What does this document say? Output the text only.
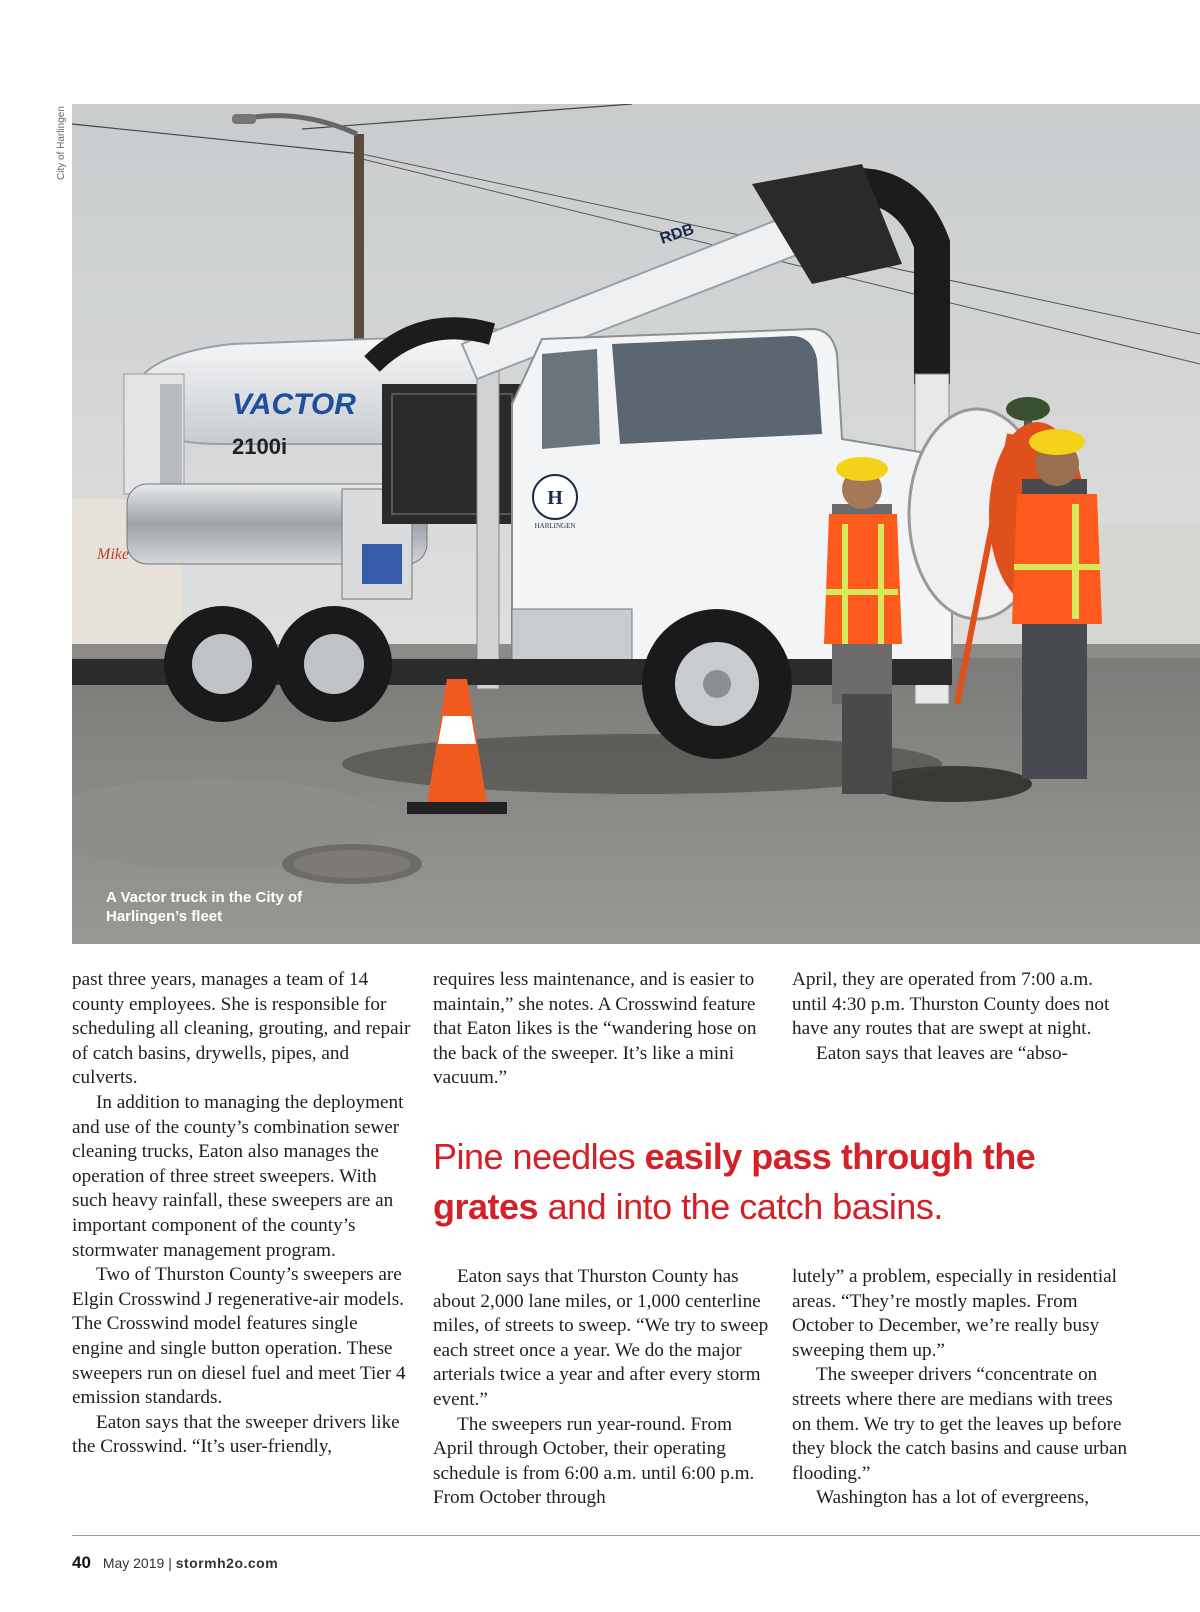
City of Harlingen
Mike
VACTOR
2100i
RDB
H
HARLINGEN
A Vactor truck in the City of Harlingen’s fleet

past three years, manages a team of 14 county employees. She is responsible for scheduling all cleaning, grouting, and repair of catch basins, drywells, pipes, and culverts.

In addition to managing the deployment and use of the county’s combination sewer cleaning trucks, Eaton also manages the operation of three street sweepers. With such heavy rainfall, these sweepers are an important component of the county’s stormwater management program.

Two of Thurston County’s sweepers are Elgin Crosswind J regenerative-air models. The Crosswind model features single engine and single button operation. These sweepers run on diesel fuel and meet Tier 4 emission standards.

Eaton says that the sweeper drivers like the Crosswind. “It’s user-friendly,

requires less maintenance, and is easier to maintain,” she notes. A Crosswind feature that Eaton likes is the “wandering hose on the back of the sweeper. It’s like a mini vacuum.”

April, they are operated from 7:00 a.m. until 4:30 p.m. Thurston County does not have any routes that are swept at night.

Eaton says that leaves are “abso-

Pine needles easily pass through the grates and into the catch basins.

Eaton says that Thurston County has about 2,000 lane miles, or 1,000 centerline miles, of streets to sweep. “We try to sweep each street once a year. We do the major arterials twice a year and after every storm event.”

The sweepers run year-round. From April through October, their operating schedule is from 6:00 a.m. until 6:00 p.m. From October through

lutely” a problem, especially in residential areas. “They’re mostly maples. From October to December, we’re really busy sweeping them up.”

The sweeper drivers “concentrate on streets where there are medians with trees on them. We try to get the leaves up before they block the catch basins and cause urban flooding.”

Washington has a lot of evergreens,

40 May 2019 | stormh2o.com
